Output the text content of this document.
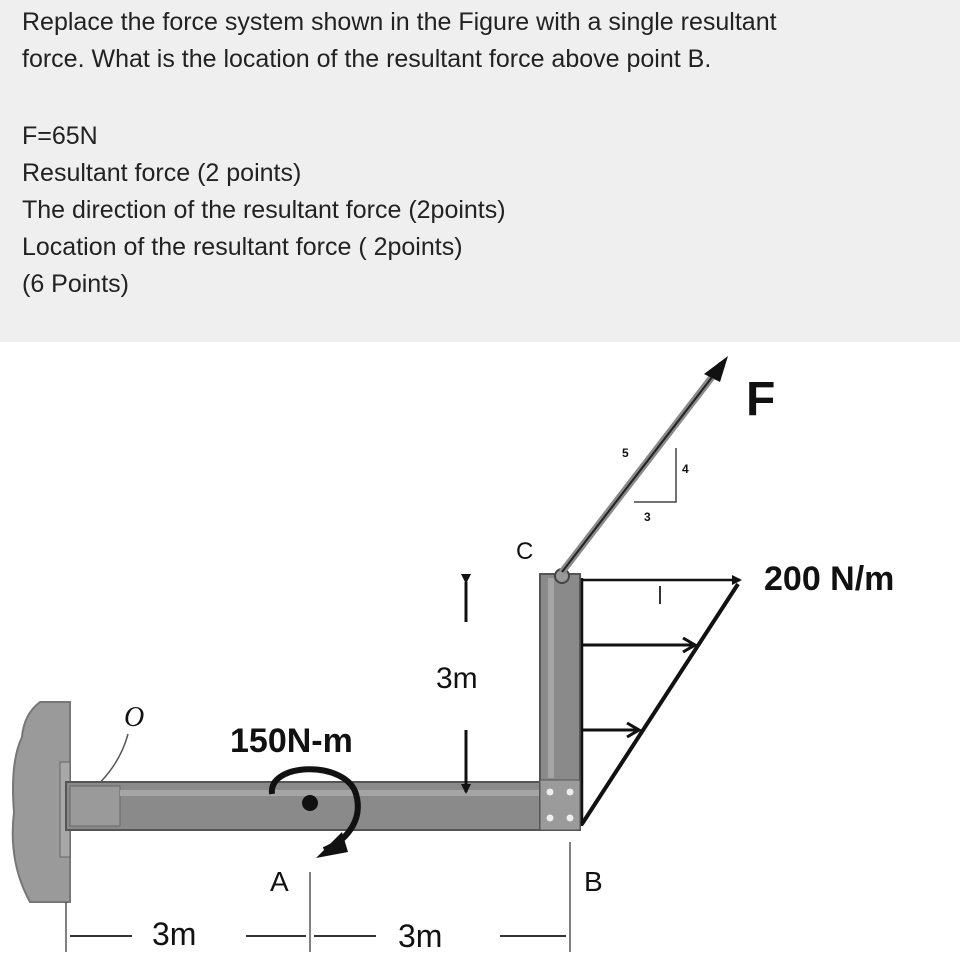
Replace the force system shown in the Figure with a single resultant

force. What is the location of the resultant force above point B.

F=65N

Resultant force (2 points)

The direction of the resultant force (2points)

Location of the resultant force ( 2points)

(6 Points)

F
5
4
3
C
200 N/m
3m
O
150N-m
A	B
3m	3m
